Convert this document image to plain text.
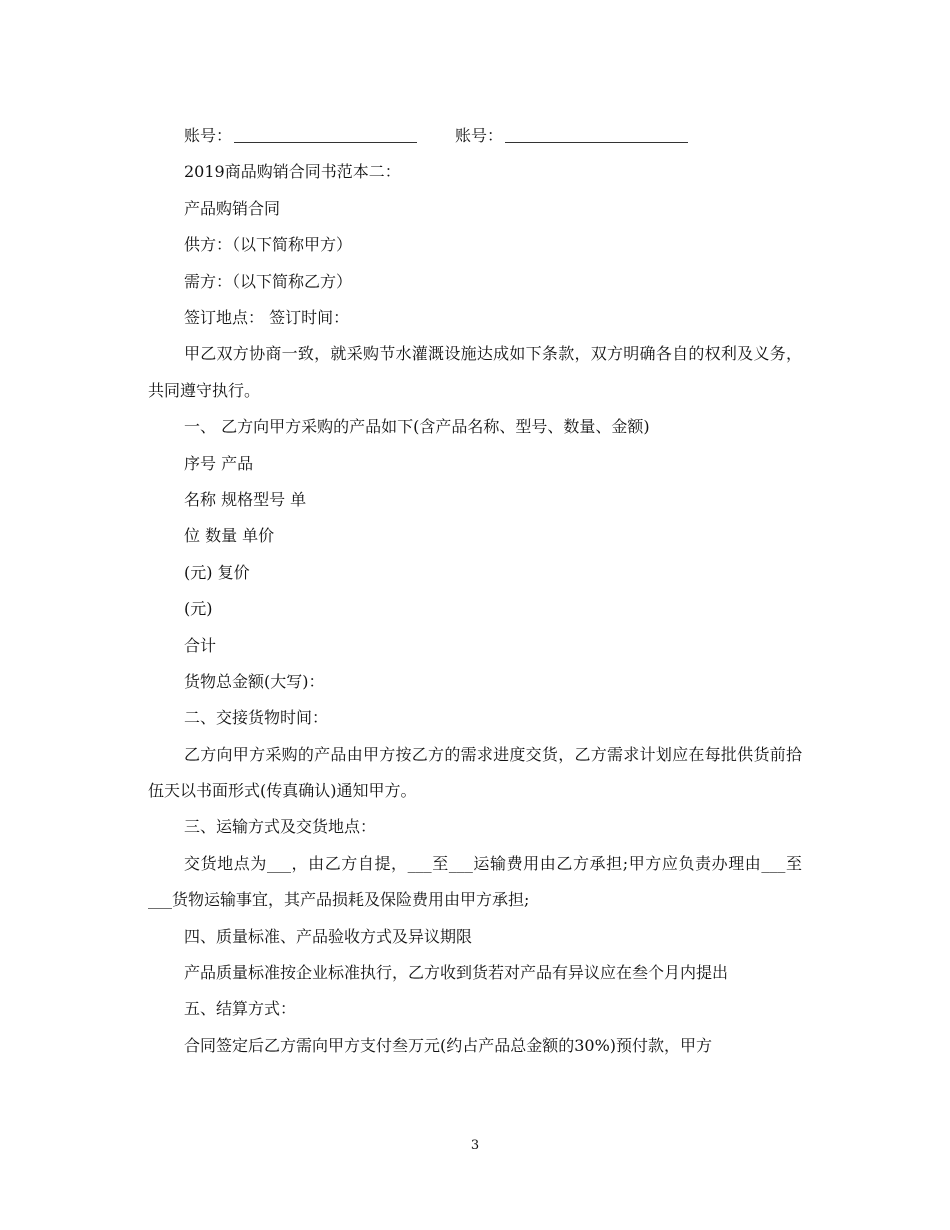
账号：	账号：
2019商品购销合同书范本二：
产品购销合同
供方：（以下简称甲方）
需方：（以下简称乙方）
签订地点： 签订时间：

甲乙双方协商一致，就采购节水灌溉设施达成如下条款，双方明确各自的权利及义务，共同遵守执行。

一、 乙方向甲方采购的产品如下(含产品名称、型号、数量、金额)
序号 产品
名称 规格型号 单
位 数量 单价
(元) 复价
(元)
合计
货物总金额(大写)：
二、交接货物时间：

乙方向甲方采购的产品由甲方按乙方的需求进度交货，乙方需求计划应在每批供货前拾伍天以书面形式(传真确认)通知甲方。

三、运输方式及交货地点：

交货地点为___，由乙方自提，___至___运输费用由乙方承担;甲方应负责办理由___至___货物运输事宜，其产品损耗及保险费用由甲方承担;

四、质量标准、产品验收方式及异议期限

产品质量标准按企业标准执行，乙方收到货若对产品有异议应在叁个月内提出

五、结算方式：

合同签定后乙方需向甲方支付叁万元(约占产品总金额的30%)预付款，甲方

3
